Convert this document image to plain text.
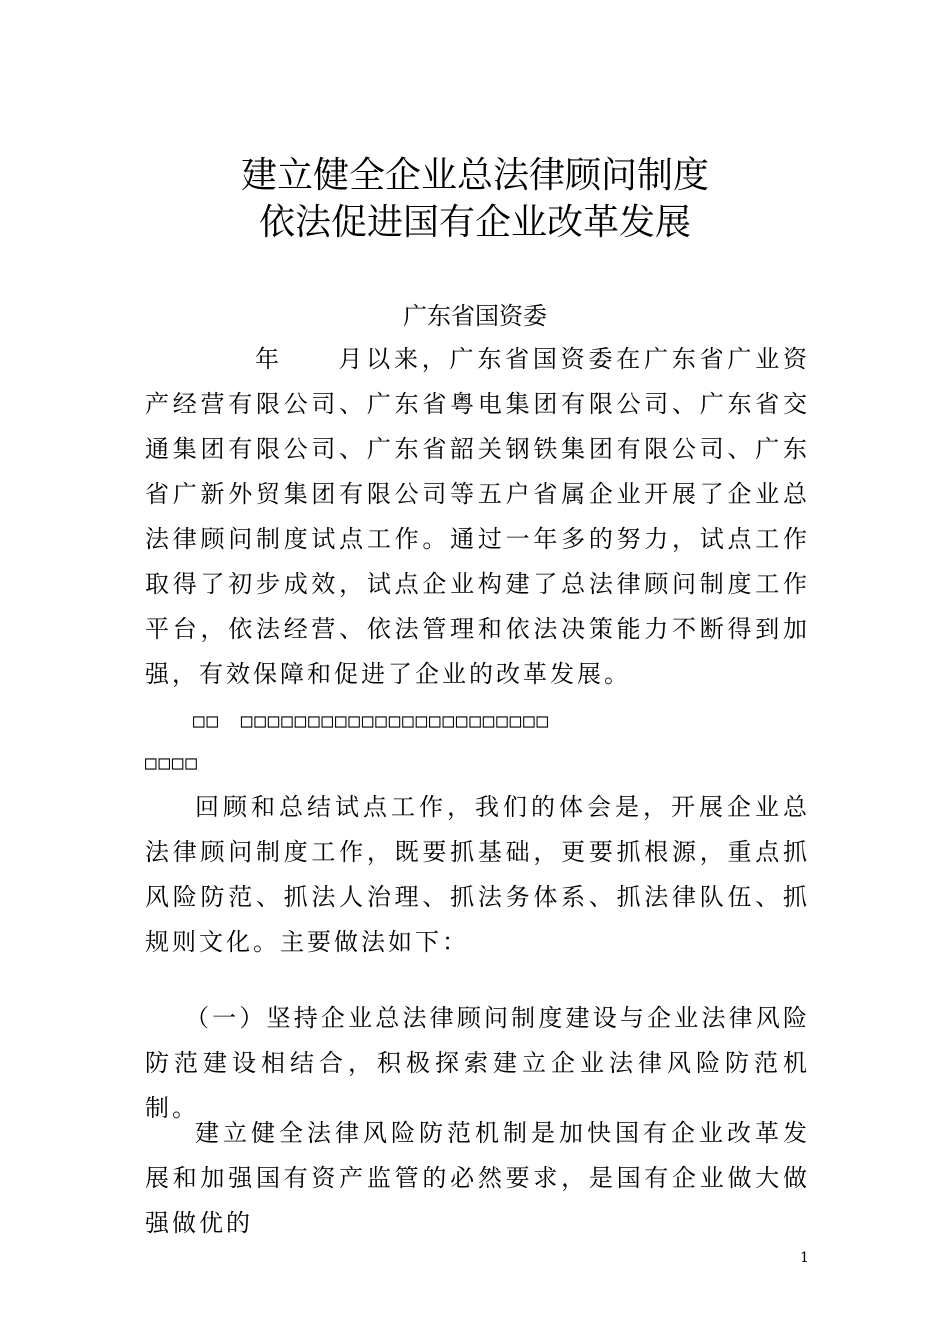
建立健全企业总法律顾问制度
依法促进国有企业改革发展
广东省国资委
年　　月以来，广东省国资委在广东省广业资产经营有限公司、广东省粤电集团有限公司、广东省交通集团有限公司、广东省韶关钢铁集团有限公司、广东省广新外贸集团有限公司等五户省属企业开展了企业总法律顾问制度试点工作。通过一年多的努力，试点工作取得了初步成效，试点企业构建了总法律顾问制度工作平台，依法经营、依法管理和依法决策能力不断得到加强，有效保障和促进了企业的改革发展。
□□　□□□□□□□□□□□□□□□□□□□□□□□
□□□□
回顾和总结试点工作，我们的体会是，开展企业总法律顾问制度工作，既要抓基础，更要抓根源，重点抓风险防范、抓法人治理、抓法务体系、抓法律队伍、抓规则文化。主要做法如下：
（一）坚持企业总法律顾问制度建设与企业法律风险防范建设相结合，积极探索建立企业法律风险防范机制。
建立健全法律风险防范机制是加快国有企业改革发展和加强国有资产监管的必然要求，是国有企业做大做强做优的
1
